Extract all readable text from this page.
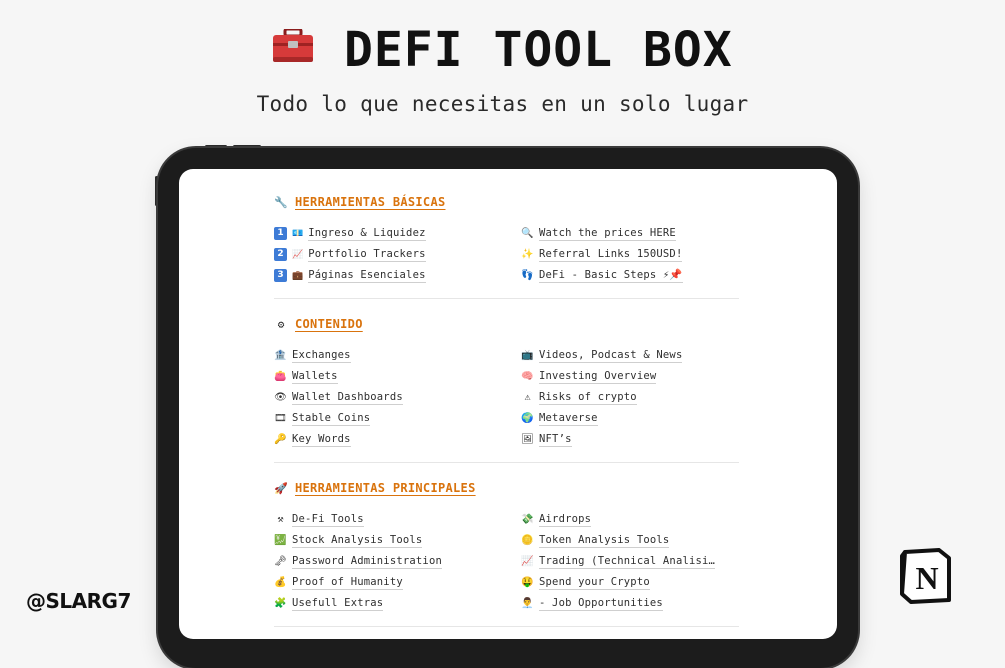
DEFI TOOL BOX
Todo lo que necesitas en un solo lugar
🔧 HERRAMIENTAS BÁSICAS
1 💶 Ingreso & Liquidez
2 📈 Portfolio Trackers
3 💼 Páginas Esenciales
🔍 Watch the prices HERE
✨ Referral Links 150USD!
👣 DeFi - Basic Steps ⚡📌
⚙ CONTENIDO
🏦 Exchanges
👛 Wallets
👁 Wallet Dashboards
🎞 Stable Coins
🔑 Key Words
📺 Videos, Podcast & News
🧠 Investing Overview
⚠ Risks of crypto
🌍 Metaverse
🖼 NFT’s
🚀 HERRAMIENTAS PRINCIPALES
⚒ De-Fi Tools
💹 Stock Analysis Tools
🗝 Password Administration
💰 Proof of Humanity
🧩 Usefull Extras
💸 Airdrops
🪙 Token Analysis Tools
📈 Trading (Technical Analisi…
🤑 Spend your Crypto
👨‍💼 - Job Opportunities
@SLARG7
N
